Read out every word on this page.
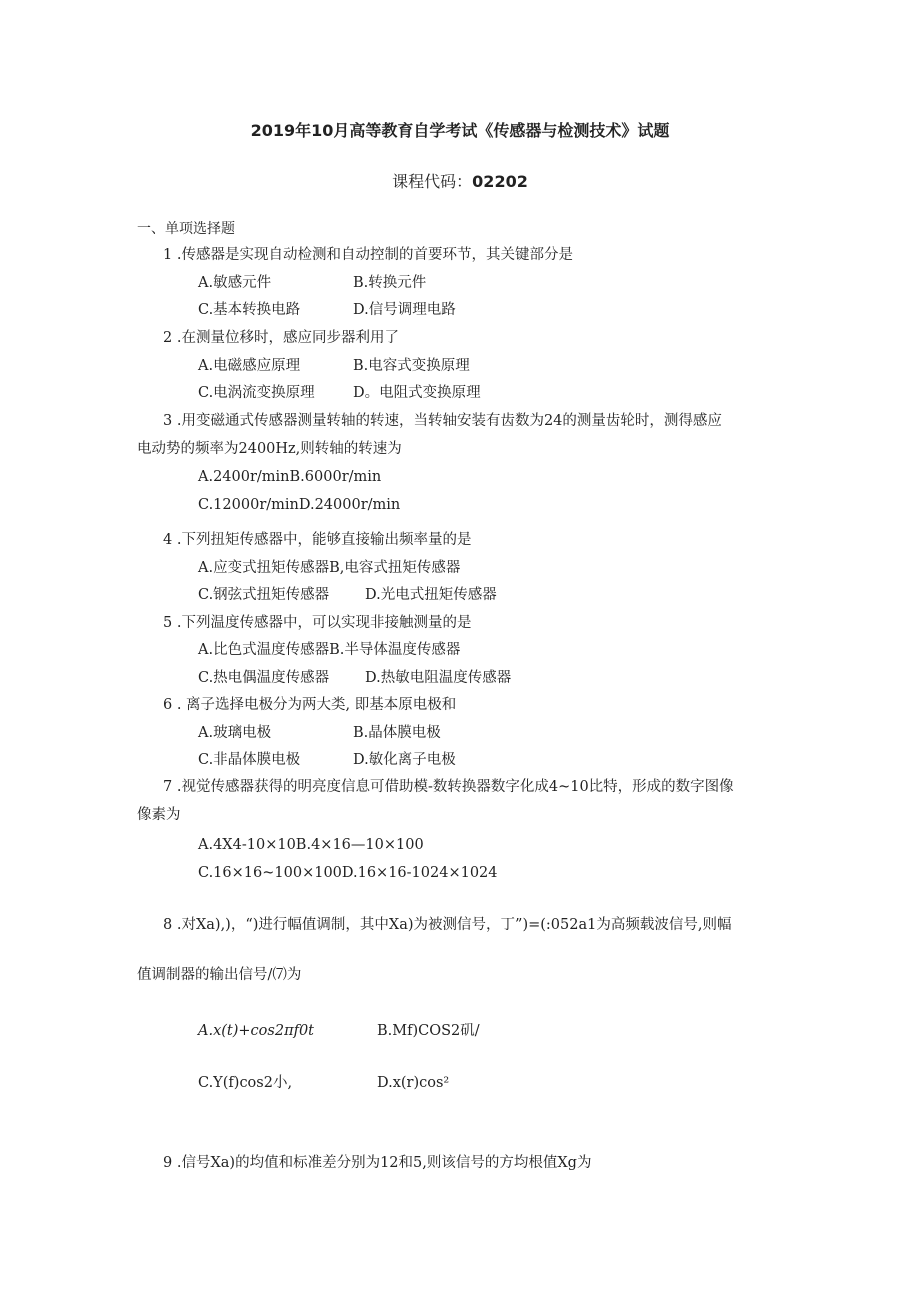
2019年10月高等教育自学考试《传感器与检测技术》试题
课程代码：02202
一、单项选择题
1 .传感器是实现自动检测和自动控制的首要环节，其关键部分是
A.敏感元件	B.转换元件
C.基本转换电路	D.信号调理电路
2 .在测量位移时，感应同步器利用了
A.电磁感应原理	B.电容式变换原理
C.电涡流变换原理	D。电阻式变换原理
3 .用变磁通式传感器测量转轴的转速，当转轴安装有齿数为24的测量齿轮时，测得感应
电动势的频率为2400Hz,则转轴的转速为
A.2400r/minB.6000r/min
C.12000r/minD.24000r/min
4 .下列扭矩传感器中，能够直接输出频率量的是
A.应变式扭矩传感器B,电容式扭矩传感器
C.钢弦式扭矩传感器 D.光电式扭矩传感器
5 .下列温度传感器中，可以实现非接触测量的是
A.比色式温度传感器B.半导体温度传感器
C.热电偶温度传感器 D.热敏电阻温度传感器
6 . 离子选择电极分为两大类, 即基本原电极和
A.玻璃电极	B.晶体膜电极
C.非晶体膜电极	D.敏化离子电极
7 .视觉传感器获得的明亮度信息可借助模-数转换器数字化成4~10比特，形成的数字图像
像素为
A.4X4-10×10B.4×16—10×100
C.16×16~100×100D.16×16-1024×1024
8 .对Xa),)，“)进行幅值调制，其中Xa)为被测信号，丁”)=(:052a1为高频载波信号,则幅
值调制器的输出信号/⑺为
A.x(t)+cos2πf0t	B.Mf)COS2矶/
C.Y(f)cos2小,	D.x(r)cos²
9 .信号Xa)的均值和标准差分别为12和5,则该信号的方均根值Xg为
